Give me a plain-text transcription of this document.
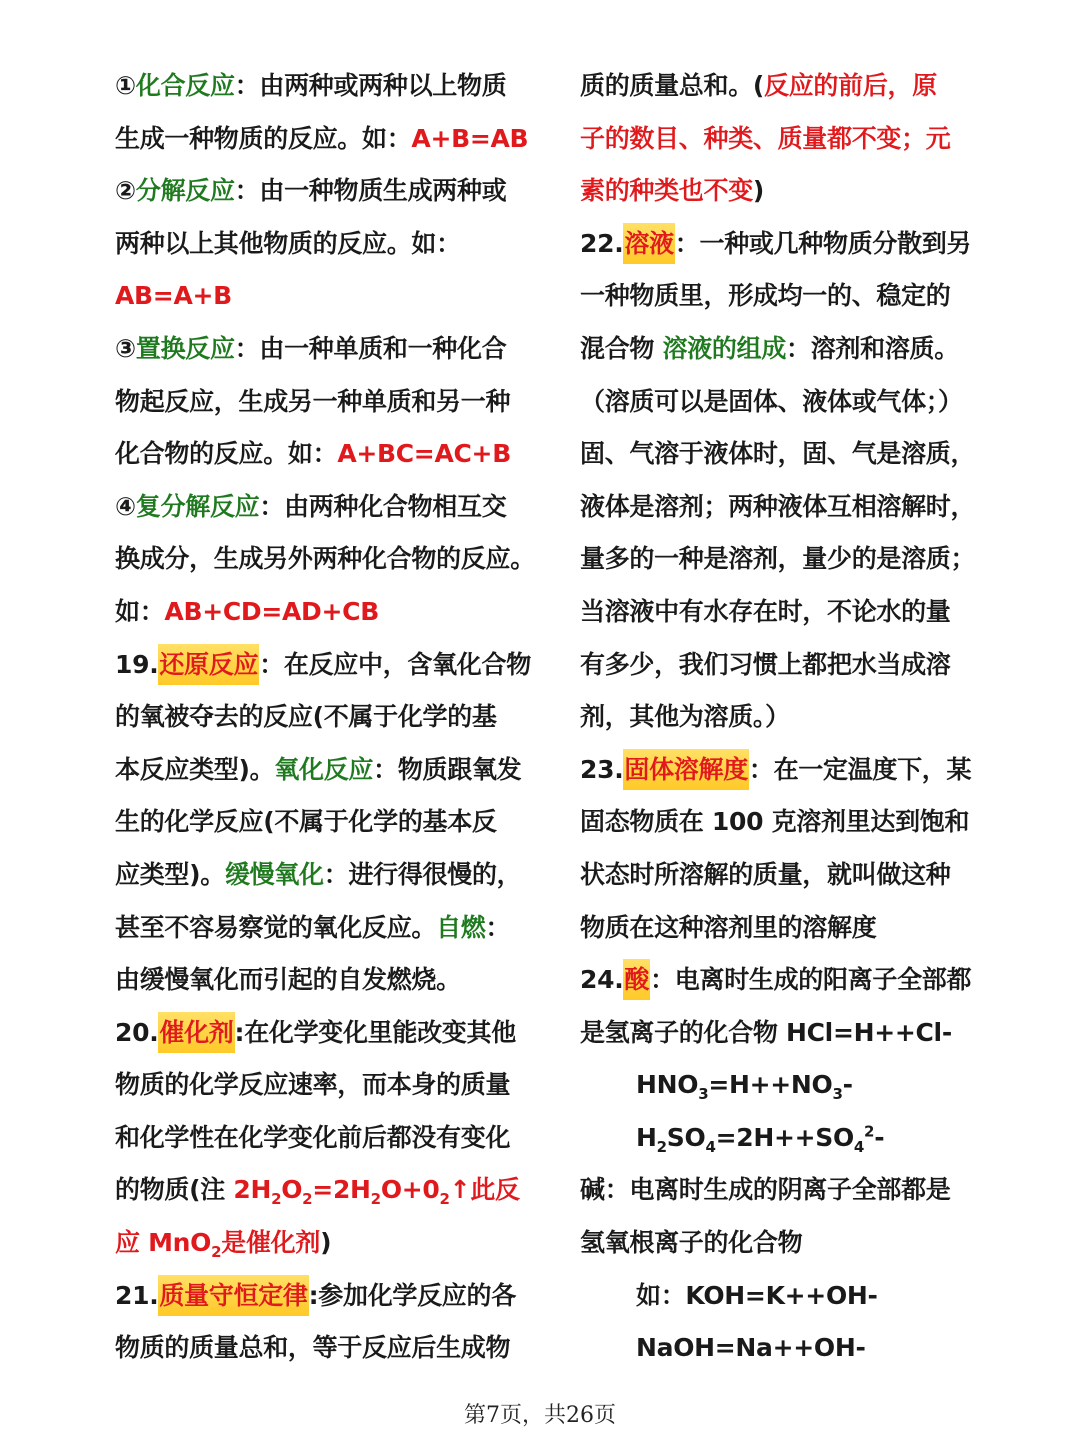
①化合反应：由两种或两种以上物质
生成一种物质的反应。如：A+B=AB
②分解反应：由一种物质生成两种或
两种以上其他物质的反应。如：
AB=A+B
③置换反应：由一种单质和一种化合
物起反应，生成另一种单质和另一种
化合物的反应。如：A+BC=AC+B
④复分解反应：由两种化合物相互交
换成分，生成另外两种化合物的反应。
如：AB+CD=AD+CB
19.还原反应：在反应中，含氧化合物
的氧被夺去的反应(不属于化学的基
本反应类型)。氧化反应：物质跟氧发
生的化学反应(不属于化学的基本反
应类型)。缓慢氧化：进行得很慢的，
甚至不容易察觉的氧化反应。自燃：
由缓慢氧化而引起的自发燃烧。
20.催化剂:在化学变化里能改变其他
物质的化学反应速率，而本身的质量
和化学性在化学变化前后都没有变化
的物质(注 $2H_2O_2=2H_2O+0_2↑$此反
应 MnO$_2$是催化剂)
21.质量守恒定律:参加化学反应的各
物质的质量总和，等于反应后生成物
质的质量总和。(反应的前后，原
子的数目、种类、质量都不变；元
素的种类也不变)
22.溶液：一种或几种物质分散到另
一种物质里，形成均一的、稳定的
混合物 溶液的组成：溶剂和溶质。
（溶质可以是固体、液体或气体；）
固、气溶于液体时，固、气是溶质，
液体是溶剂；两种液体互相溶解时，
量多的一种是溶剂，量少的是溶质；
当溶液中有水存在时，不论水的量
有多少，我们习惯上都把水当成溶
剂，其他为溶质。）
23.固体溶解度：在一定温度下，某
固态物质在 100 克溶剂里达到饱和
状态时所溶解的质量，就叫做这种
物质在这种溶剂里的溶解度
24.酸：电离时生成的阳离子全部都
是氢离子的化合物 HCl=H++Cl-
$HNO_3=H++NO_3-$
$H_2SO_4=2H++SO_4^2-$
碱：电离时生成的阴离子全部都是
氢氧根离子的化合物
如：KOH=K++OH-
NaOH=Na++OH-
第7页，共26页
